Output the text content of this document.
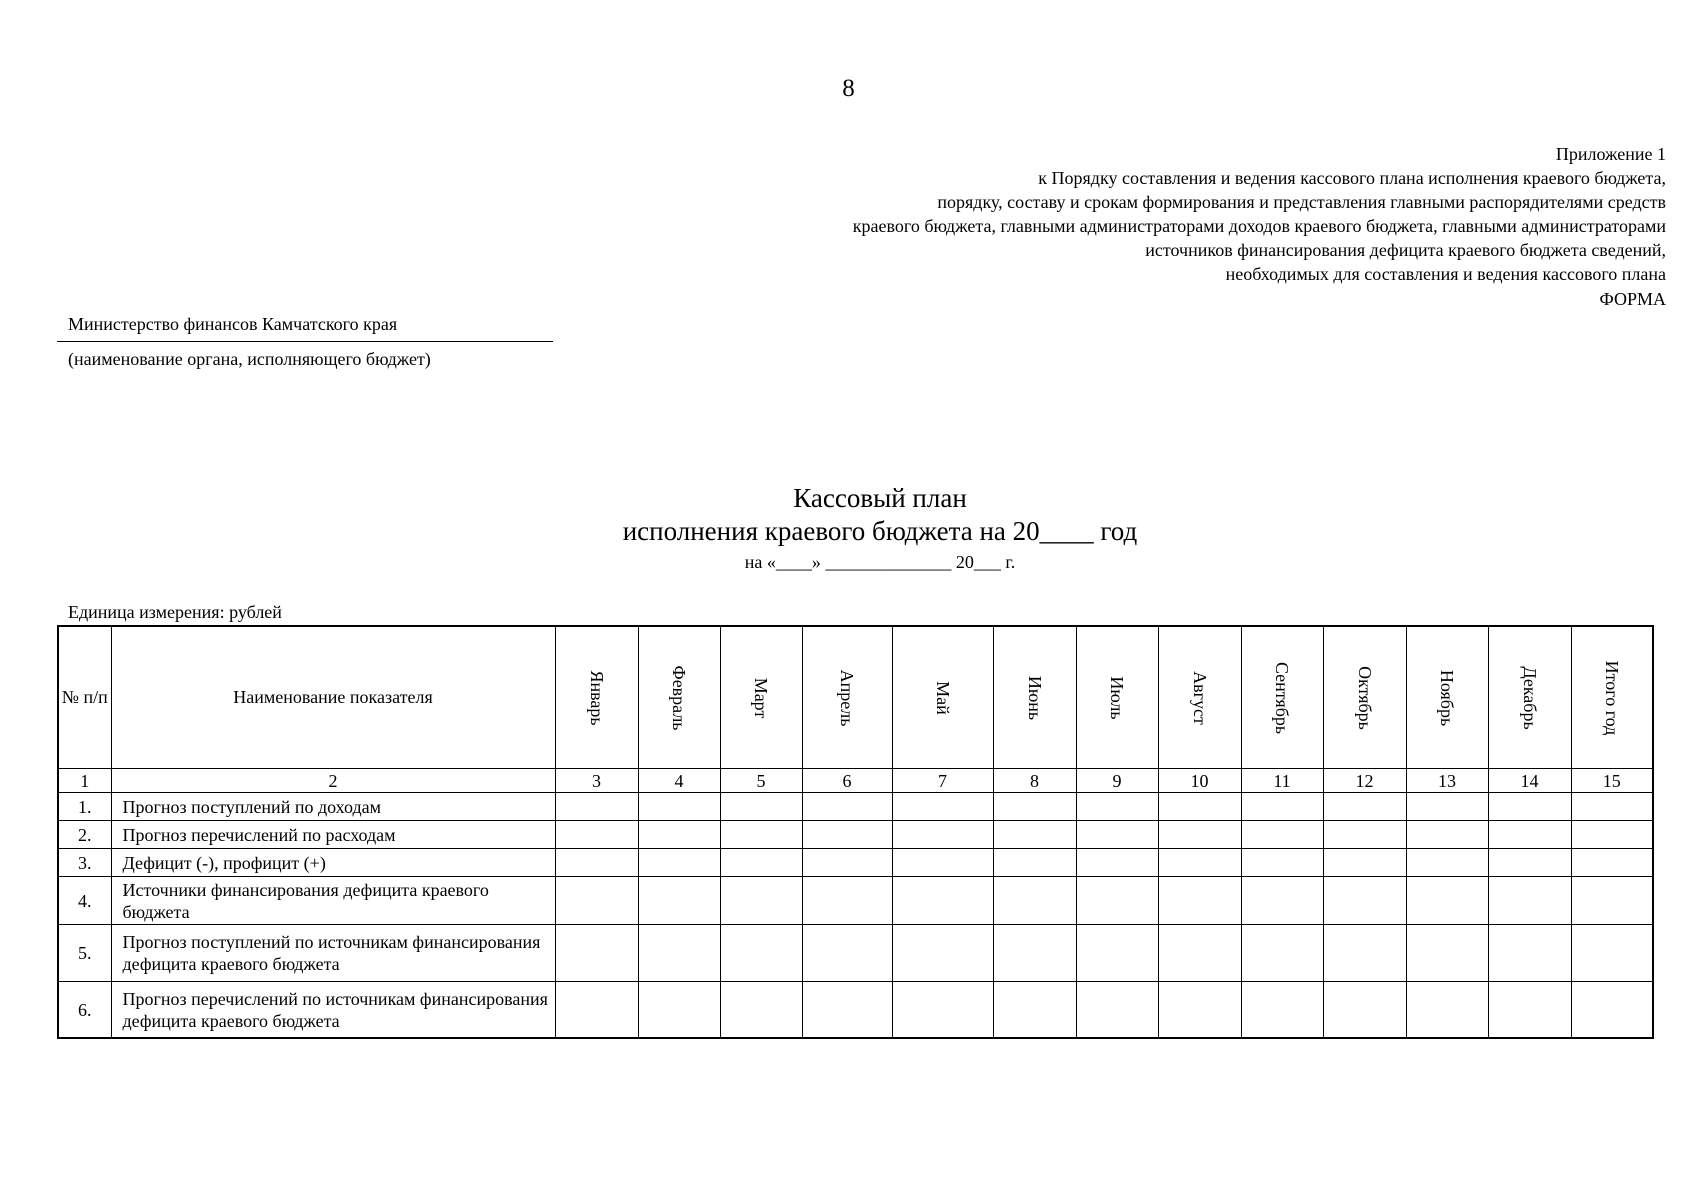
8
Приложение 1
к Порядку составления и ведения кассового плана исполнения краевого бюджета,
порядку, составу и срокам формирования и представления главными распорядителями средств
краевого бюджета, главными администраторами доходов краевого бюджета, главными администраторами
источников финансирования дефицита краевого бюджета сведений,
необходимых для составления и ведения кассового плана
ФОРМА
Министерство финансов Камчатского края
(наименование органа, исполняющего бюджет)
Кассовый план
исполнения краевого бюджета на 20____ год
на «____» ______________ 20___ г.
Единица измерения: рублей
№ п/п	Наименование показателя	Январь	Февраль	Март	Апрель	Май	Июнь	Июль	Август	Сентябрь	Октябрь	Ноябрь	Декабрь	Итого год

1	2	3	4	5	6	7	8	9	10	11	12	13	14	15
1.	Прогноз поступлений по доходам													
2.	Прогноз перечислений по расходам													
3.	Дефицит (-), профицит (+)													
4.	Источники финансирования дефицита краевого бюджета													
5.	Прогноз поступлений по источникам финансирования дефицита краевого бюджета													
6.	Прогноз перечислений по источникам финансирования дефицита краевого бюджета													
